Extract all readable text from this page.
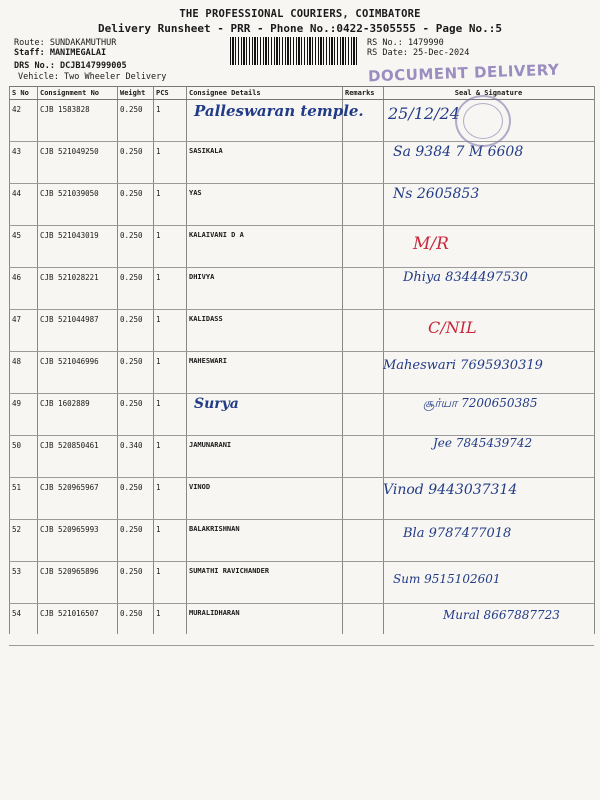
THE PROFESSIONAL COURIERS, COIMBATORE
Delivery Runsheet - PRR - Phone No.:0422-3505555 - Page No.:5
Route: SUNDAKAMUTHUR
Staff: MANIMEGALAI
DRS No.: DCJB147999005
Vehicle: Two Wheeler Delivery
RS No.: 1479990
RS Date: 25-Dec-2024
DOCUMENT DELIVERY
S No	Consignment No	Weight	PCS	Consignee Details	Remarks	Seal & Signature
42	CJB 1583828	0.250	1	Palleswaran temple.		25/12/24

43	CJB 521049250	0.250	1	SASIKALA		Sa 9384 7 M 6608

44	CJB 521039050	0.250	1	YAS		Ns 2605853

45	CJB 521043019	0.250	1	KALAIVANI D A		M/R

46	CJB 521028221	0.250	1	DHIVYA		Dhiya 8344497530

47	CJB 521044987	0.250	1	KALIDASS		C/NIL

48	CJB 521046996	0.250	1	MAHESWARI		Maheswari 7695930319

49	CJB 1602889	0.250	1	Surya		சூர்யா 7200650385

50	CJB 520850461	0.340	1	JAMUNARANI		Jee 7845439742

51	CJB 520965967	0.250	1	VINOD		Vinod 9443037314

52	CJB 520965993	0.250	1	BALAKRISHNAN		Bla 9787477018

53	CJB 520965896	0.250	1	SUMATHI RAVICHANDER		Sum 9515102601

54	CJB 521016507	0.250	1	MURALIDHARAN		Mural 8667887723
